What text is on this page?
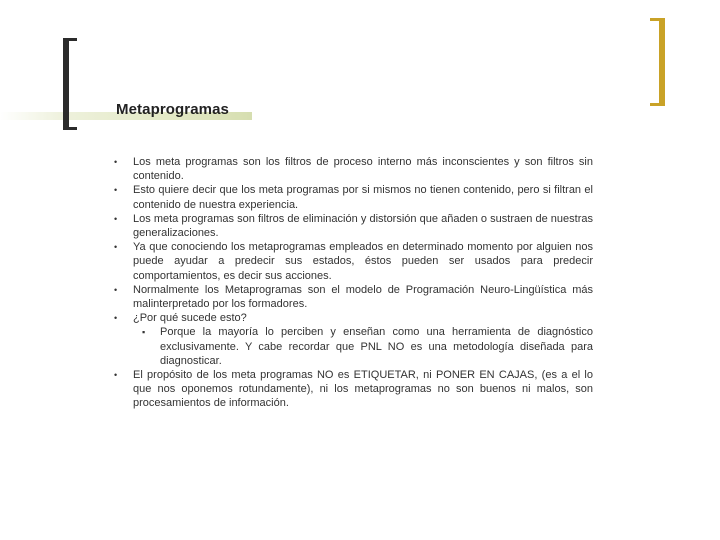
Metaprogramas
• Los meta programas son los filtros de proceso interno más inconscientes y son filtros sin contenido.
• Esto quiere decir que los meta programas por si mismos no tienen contenido, pero si filtran el contenido de nuestra experiencia.
• Los meta programas son filtros de eliminación y distorsión que añaden o sustraen de nuestras generalizaciones.
• Ya que conociendo los metaprogramas empleados en determinado momento por alguien nos puede ayudar a predecir sus estados, éstos pueden ser usados para predecir comportamientos, es decir sus acciones.
• Normalmente los Metaprogramas son el modelo de Programación Neuro-Lingüística más malinterpretado por los formadores.
• ¿Por qué sucede esto?
▪ Porque la mayoría lo perciben y enseñan como una herramienta de diagnóstico exclusivamente. Y cabe recordar que PNL NO es una metodología diseñada para diagnosticar.
• El propósito de los meta programas NO es ETIQUETAR, ni PONER EN CAJAS, (es a el lo que nos oponemos rotundamente), ni los metaprogramas no son buenos ni malos, son procesamientos de información.
